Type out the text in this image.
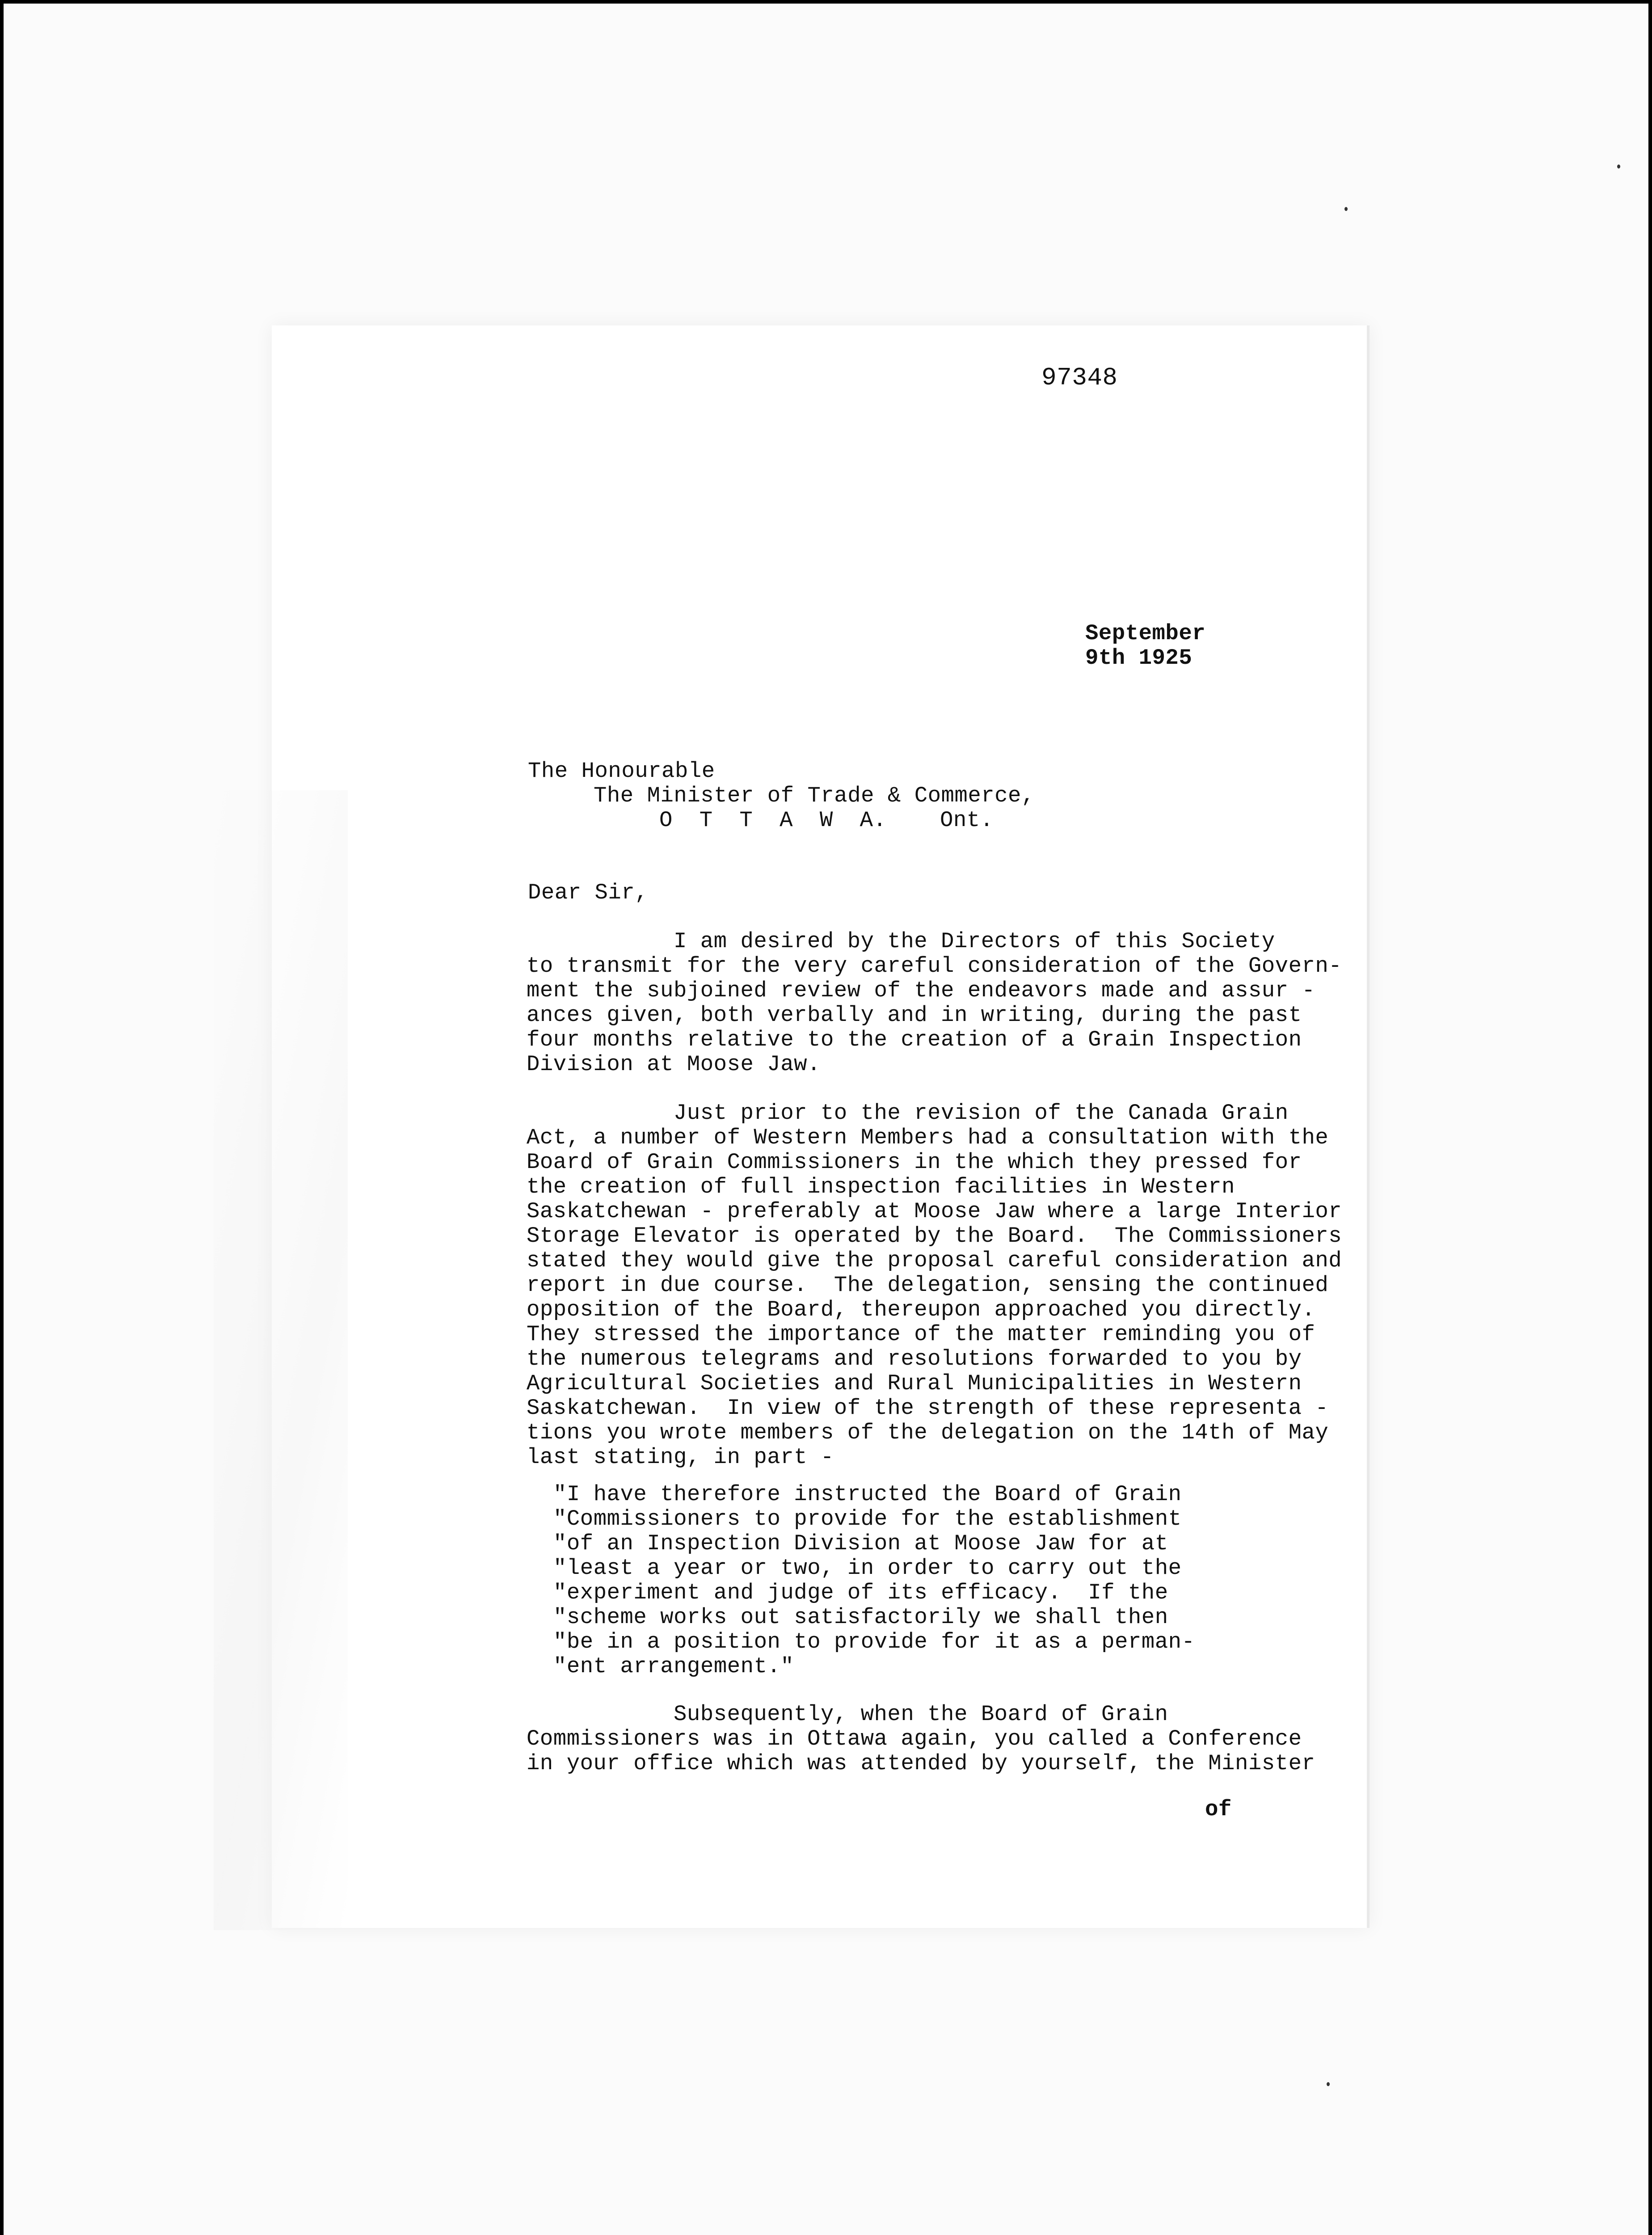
97348
September
9th 1925
The Honourable
The Minister of Trade & Commerce,
O  T  T  A  W  A.    Ont.
Dear Sir,
I am desired by the Directors of this Society
to transmit for the very careful consideration of the Govern-
ment the subjoined review of the endeavors made and assur -
ances given, both verbally and in writing, during the past
four months relative to the creation of a Grain Inspection
Division at Moose Jaw.
Just prior to the revision of the Canada Grain
Act, a number of Western Members had a consultation with the
Board of Grain Commissioners in the which they pressed for
the creation of full inspection facilities in Western
Saskatchewan - preferably at Moose Jaw where a large Interior
Storage Elevator is operated by the Board.  The Commissioners
stated they would give the proposal careful consideration and
report in due course.  The delegation, sensing the continued
opposition of the Board, thereupon approached you directly.
They stressed the importance of the matter reminding you of
the numerous telegrams and resolutions forwarded to you by
Agricultural Societies and Rural Municipalities in Western
Saskatchewan.  In view of the strength of these representa -
tions you wrote members of the delegation on the 14th of May
last stating, in part -
"I have therefore instructed the Board of Grain
"Commissioners to provide for the establishment
"of an Inspection Division at Moose Jaw for at
"least a year or two, in order to carry out the
"experiment and judge of its efficacy.  If the
"scheme works out satisfactorily we shall then
"be in a position to provide for it as a perman-
"ent arrangement."
Subsequently, when the Board of Grain
Commissioners was in Ottawa again, you called a Conference
in your office which was attended by yourself, the Minister
of
